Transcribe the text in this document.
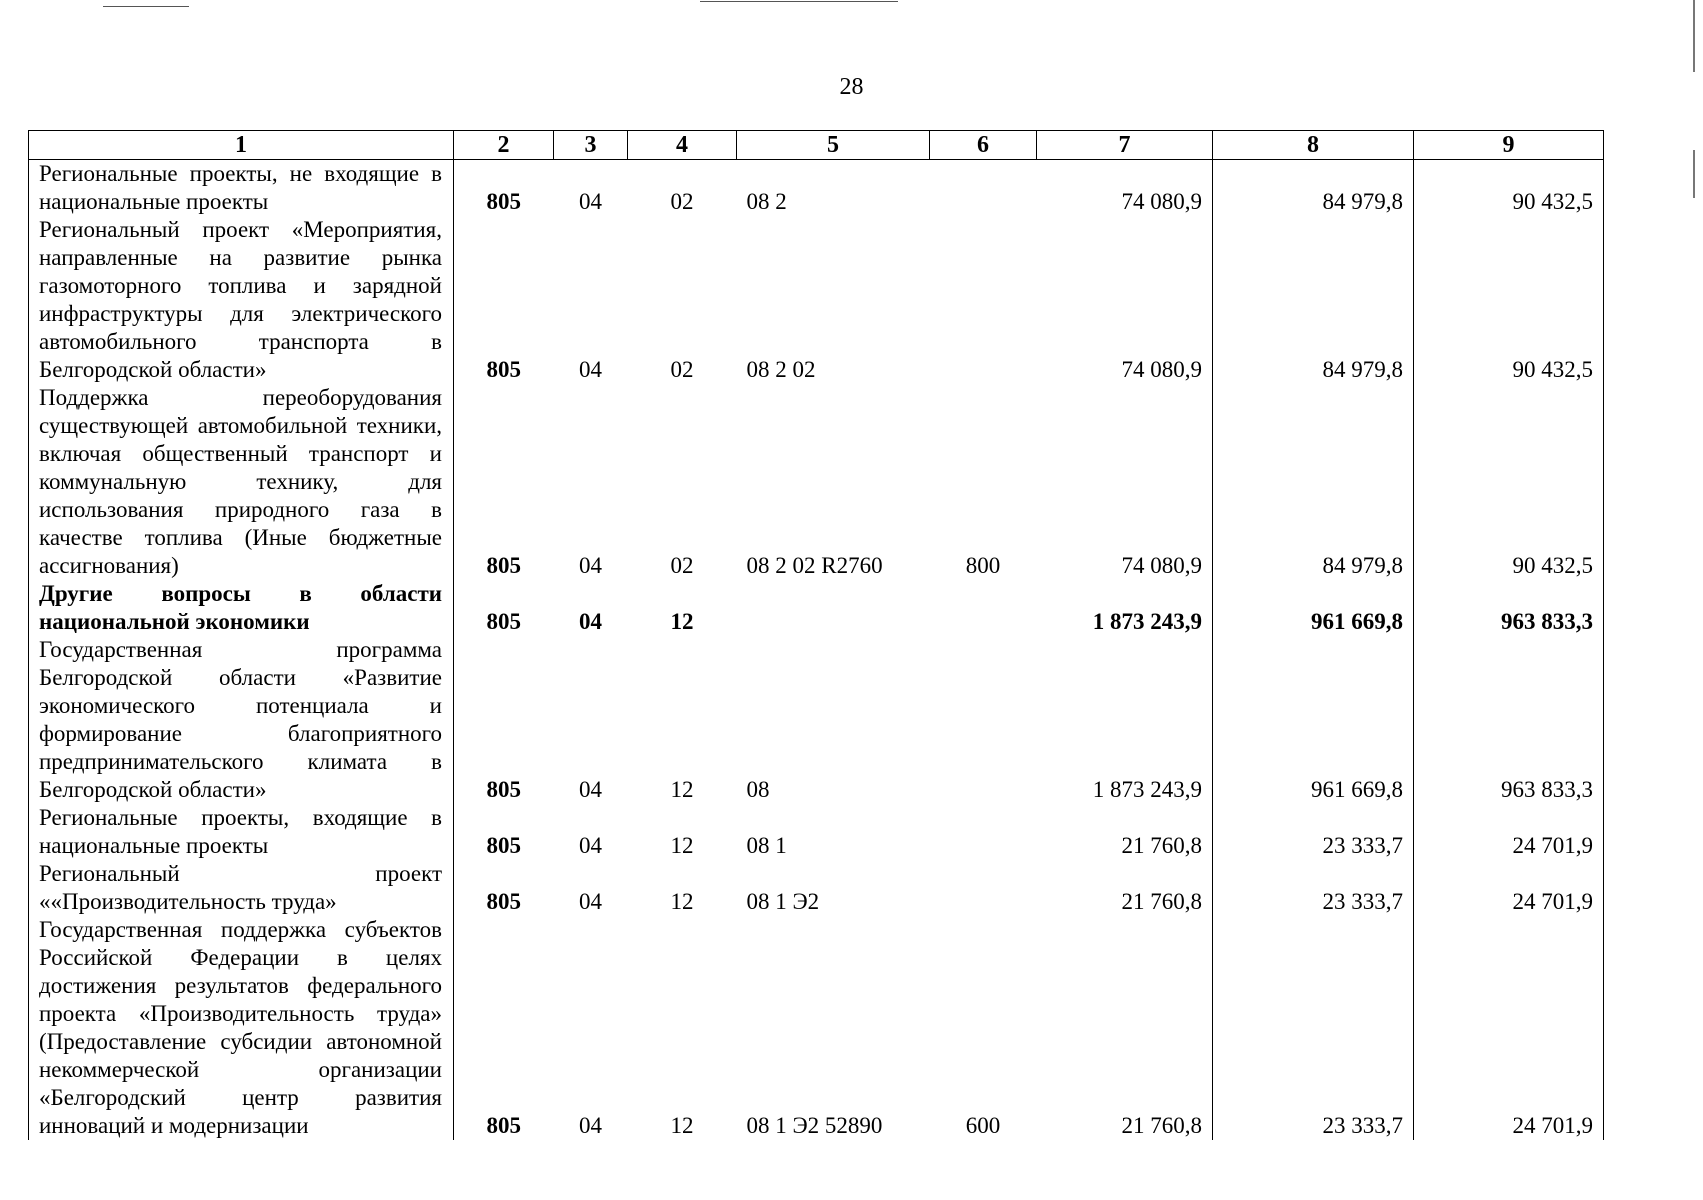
28
1	2	3	4	5	6	7	8	9
Региональные проекты, не входящие в национальные проекты	805	04	02	08 2		74 080,9	84 979,8	90 432,5
Региональный проект «Мероприятия, направленные на развитие рынка газомоторного топлива и зарядной инфраструктуры для электрического автомобильного транспорта в Белгородской области»	805	04	02	08 2 02		74 080,9	84 979,8	90 432,5
Поддержка переоборудования существующей автомобильной техники, включая общественный транспорт и коммунальную технику, для использования природного газа в качестве топлива (Иные бюджетные ассигнования)	805	04	02	08 2 02 R2760	800	74 080,9	84 979,8	90 432,5
Другие вопросы в области национальной экономики	805	04	12			1 873 243,9	961 669,8	963 833,3
Государственная программа Белгородской области «Развитие экономического потенциала и формирование благоприятного предпринимательского климата в Белгородской области»	805	04	12	08		1 873 243,9	961 669,8	963 833,3
Региональные проекты, входящие в национальные проекты	805	04	12	08 1		21 760,8	23 333,7	24 701,9
Региональный проект ««Производительность труда»	805	04	12	08 1 Э2		21 760,8	23 333,7	24 701,9
Государственная поддержка субъектов Российской Федерации в целях достижения результатов федерального проекта «Производительность труда» (Предоставление субсидии автономной некоммерческой организации «Белгородский центр развития инноваций и модернизации	805	04	12	08 1 Э2 52890	600	21 760,8	23 333,7	24 701,9
